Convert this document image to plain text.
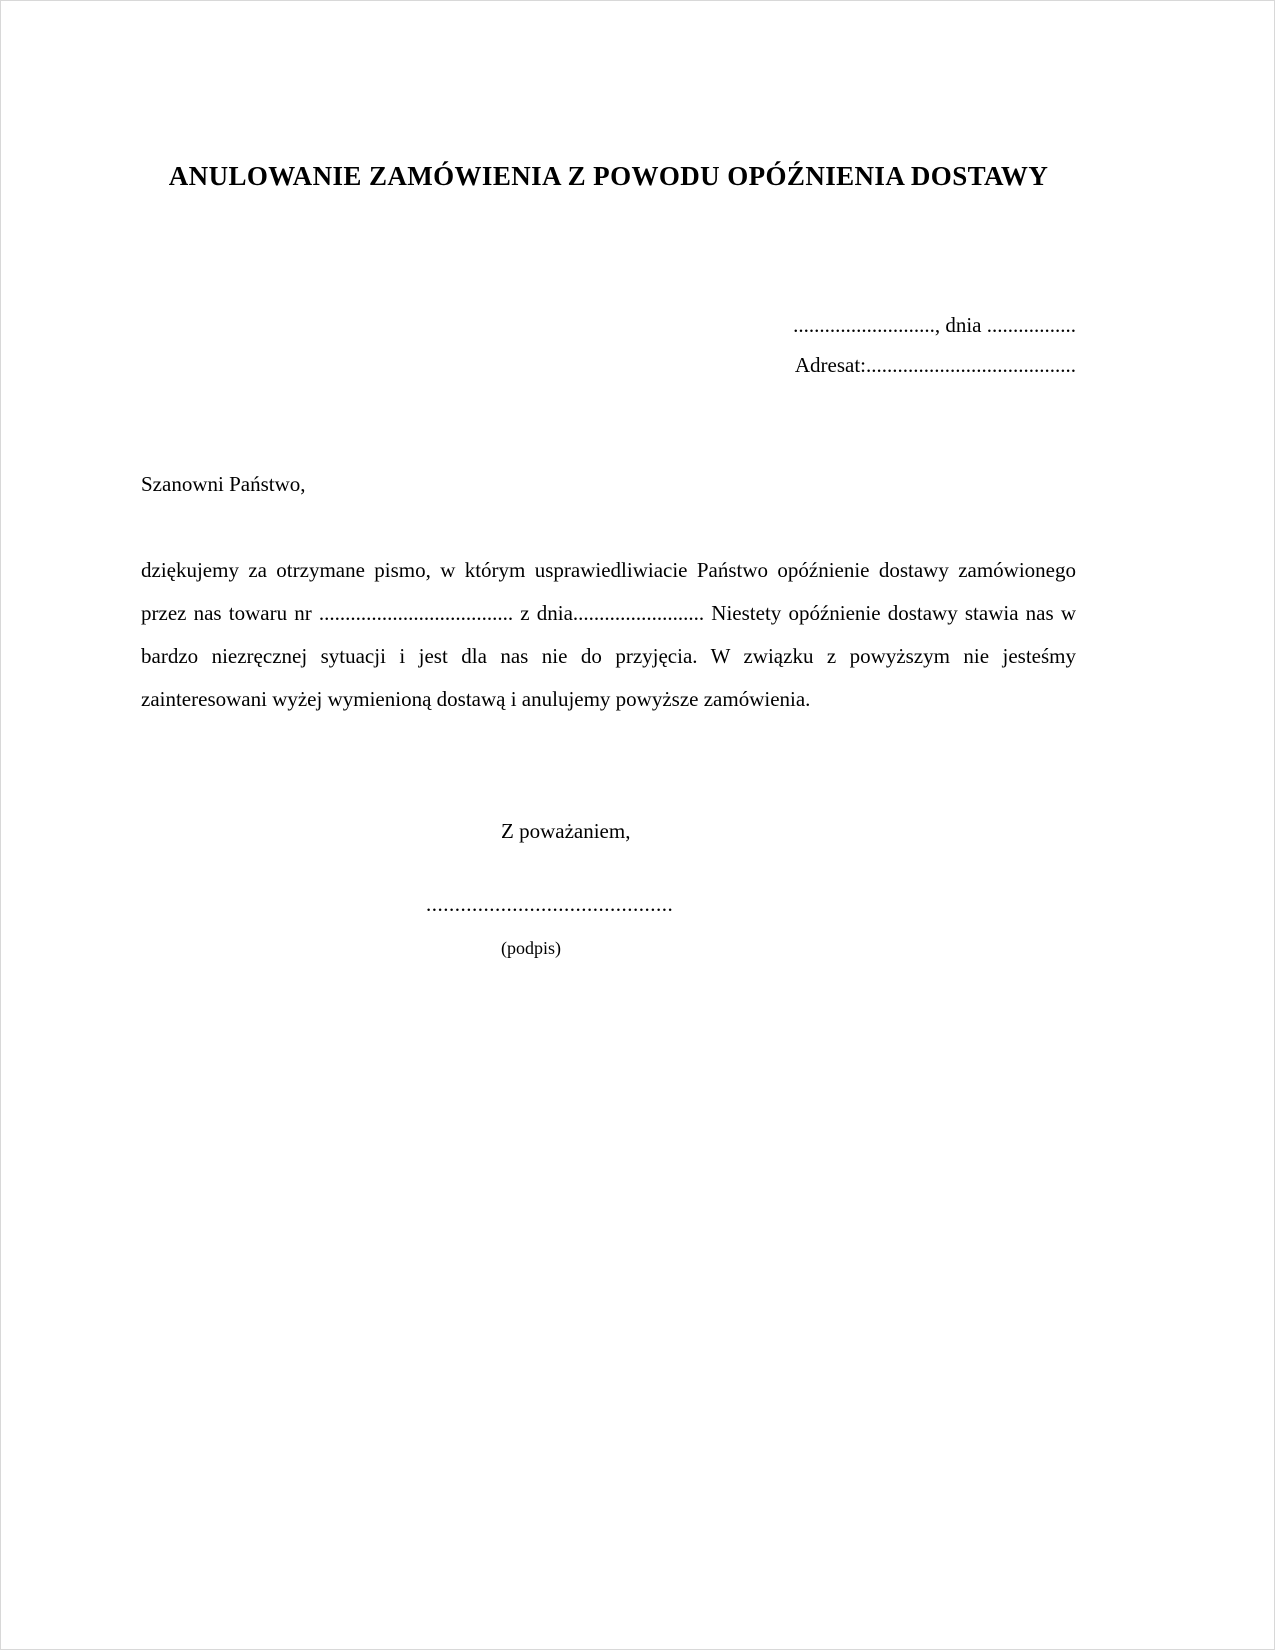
ANULOWANIE ZAMÓWIENIA Z POWODU OPÓŹNIENIA DOSTAWY
..........................., dnia .................
Adresat:........................................

Szanowni Państwo,

dziękujemy za otrzymane pismo, w którym usprawiedliwiacie Państwo opóźnienie dostawy zamówionego przez nas towaru nr ..................................... z dnia......................... Niestety opóźnienie dostawy stawia nas w bardzo niezręcznej sytuacji i jest dla nas nie do przyjęcia. W związku z powyższym nie jesteśmy zainteresowani wyżej wymienioną dostawą i anulujemy powyższe zamówienia.

Z poważaniem,

...........................................

(podpis)
